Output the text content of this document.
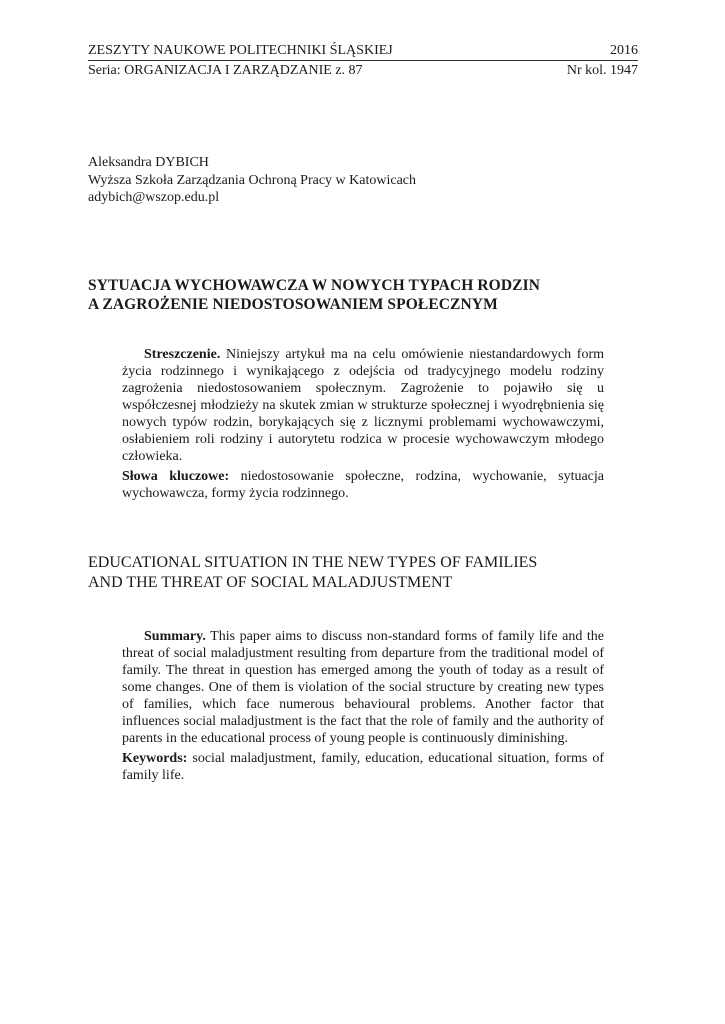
ZESZYTY NAUKOWE POLITECHNIKI ŚLĄSKIEJ	2016
Seria: ORGANIZACJA I ZARZĄDZANIE z. 87	Nr kol. 1947
Aleksandra DYBICH
Wyższa Szkoła Zarządzania Ochroną Pracy w Katowicach
adybich@wszop.edu.pl
SYTUACJA WYCHOWAWCZA W NOWYCH TYPACH RODZIN
A ZAGROŻENIE NIEDOSTOSOWANIEM SPOŁECZNYM

Streszczenie. Niniejszy artykuł ma na celu omówienie niestandardowych form życia rodzinnego i wynikającego z odejścia od tradycyjnego modelu rodziny zagrożenia niedostosowaniem społecznym. Zagrożenie to pojawiło się u współczesnej młodzieży na skutek zmian w strukturze społecznej i wyodrębnienia się nowych typów rodzin, borykających się z licznymi problemami wychowawczymi, osłabieniem roli rodziny i autorytetu rodzica w procesie wychowawczym młodego człowieka.

Słowa kluczowe: niedostosowanie społeczne, rodzina, wychowanie, sytuacja wychowawcza, formy życia rodzinnego.

EDUCATIONAL SITUATION IN THE NEW TYPES OF FAMILIES
AND THE THREAT OF SOCIAL MALADJUSTMENT

Summary. This paper aims to discuss non-standard forms of family life and the threat of social maladjustment resulting from departure from the traditional model of family. The threat in question has emerged among the youth of today as a result of some changes. One of them is violation of the social structure by creating new types of families, which face numerous behavioural problems. Another factor that influences social maladjustment is the fact that the role of family and the authority of parents in the educational process of young people is continuously diminishing.

Keywords: social maladjustment, family, education, educational situation, forms of family life.
